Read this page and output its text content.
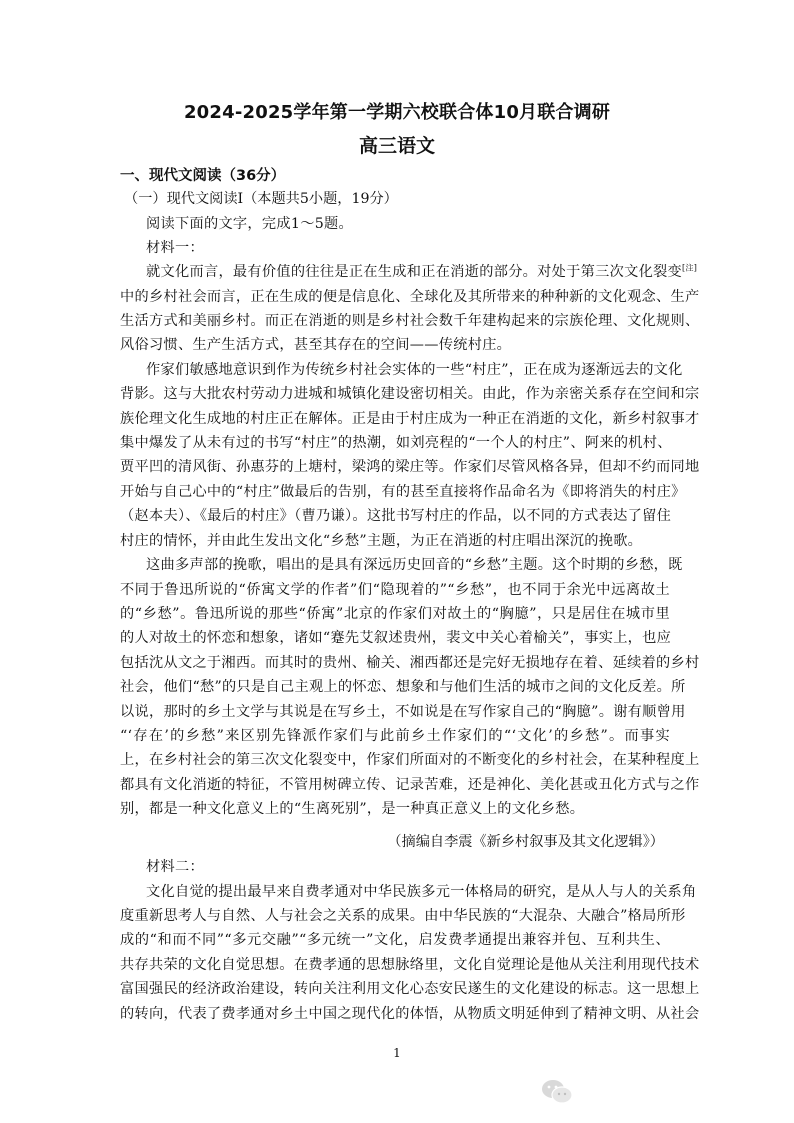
2024-2025学年第一学期六校联合体10月联合调研
高三语文
一、现代文阅读（36分）
（一）现代文阅读Ⅰ（本题共5小题，19分）
阅读下面的文字，完成1～5题。
材料一：
就文化而言，最有价值的往往是正在生成和正在消逝的部分。对处于第三次文化裂变[注]
中的乡村社会而言，正在生成的便是信息化、全球化及其所带来的种种新的文化观念、生产
生活方式和美丽乡村。而正在消逝的则是乡村社会数千年建构起来的宗族伦理、文化规则、
风俗习惯、生产生活方式，甚至其存在的空间——传统村庄。
作家们敏感地意识到作为传统乡村社会实体的一些“村庄”，正在成为逐渐远去的文化
背影。这与大批农村劳动力进城和城镇化建设密切相关。由此，作为亲密关系存在空间和宗
族伦理文化生成地的村庄正在解体。正是由于村庄成为一种正在消逝的文化，新乡村叙事才
集中爆发了从未有过的书写“村庄”的热潮，如刘亮程的“一个人的村庄”、阿来的机村、
贾平凹的清风街、孙惠芬的上塘村，梁鸿的梁庄等。作家们尽管风格各异，但却不约而同地
开始与自己心中的“村庄”做最后的告别，有的甚至直接将作品命名为《即将消失的村庄》
（赵本夫）、《最后的村庄》（曹乃谦）。这批书写村庄的作品，以不同的方式表达了留住
村庄的情怀，并由此生发出文化“乡愁”主题，为正在消逝的村庄唱出深沉的挽歌。
这曲多声部的挽歌，唱出的是具有深远历史回音的“乡愁”主题。这个时期的乡愁，既
不同于鲁迅所说的“侨寓文学的作者”们“隐现着的”“乡愁”，也不同于余光中远离故土
的“乡愁”。鲁迅所说的那些“侨寓”北京的作家们对故土的“胸臆”，只是居住在城市里
的人对故土的怀恋和想象，诸如“蹇先艾叙述贵州，裴文中关心着榆关”，事实上，也应
包括沈从文之于湘西。而其时的贵州、榆关、湘西都还是完好无损地存在着、延续着的乡村
社会，他们“愁”的只是自己主观上的怀恋、想象和与他们生活的城市之间的文化反差。所
以说，那时的乡土文学与其说是在写乡土，不如说是在写作家自己的“胸臆”。谢有顺曾用
“‘存在’的乡愁”来区别先锋派作家们与此前乡土作家们的“‘文化’的乡愁”。而事实
上，在乡村社会的第三次文化裂变中，作家们所面对的不断变化的乡村社会，在某种程度上
都具有文化消逝的特征，不管用树碑立传、记录苦难，还是神化、美化甚或丑化方式与之作
别，都是一种文化意义上的“生离死别”，是一种真正意义上的文化乡愁。
（摘编自李震《新乡村叙事及其文化逻辑》）
材料二：
文化自觉的提出最早来自费孝通对中华民族多元一体格局的研究，是从人与人的关系角
度重新思考人与自然、人与社会之关系的成果。由中华民族的“大混杂、大融合”格局所形
成的“和而不同”“多元交融”“多元统一”文化，启发费孝通提出兼容并包、互利共生、
共存共荣的文化自觉思想。在费孝通的思想脉络里，文化自觉理论是他从关注利用现代技术
富国强民的经济政治建设，转向关注利用文化心态安民遂生的文化建设的标志。这一思想上
的转向，代表了费孝通对乡土中国之现代化的体悟，从物质文明延伸到了精神文明、从社会
1
